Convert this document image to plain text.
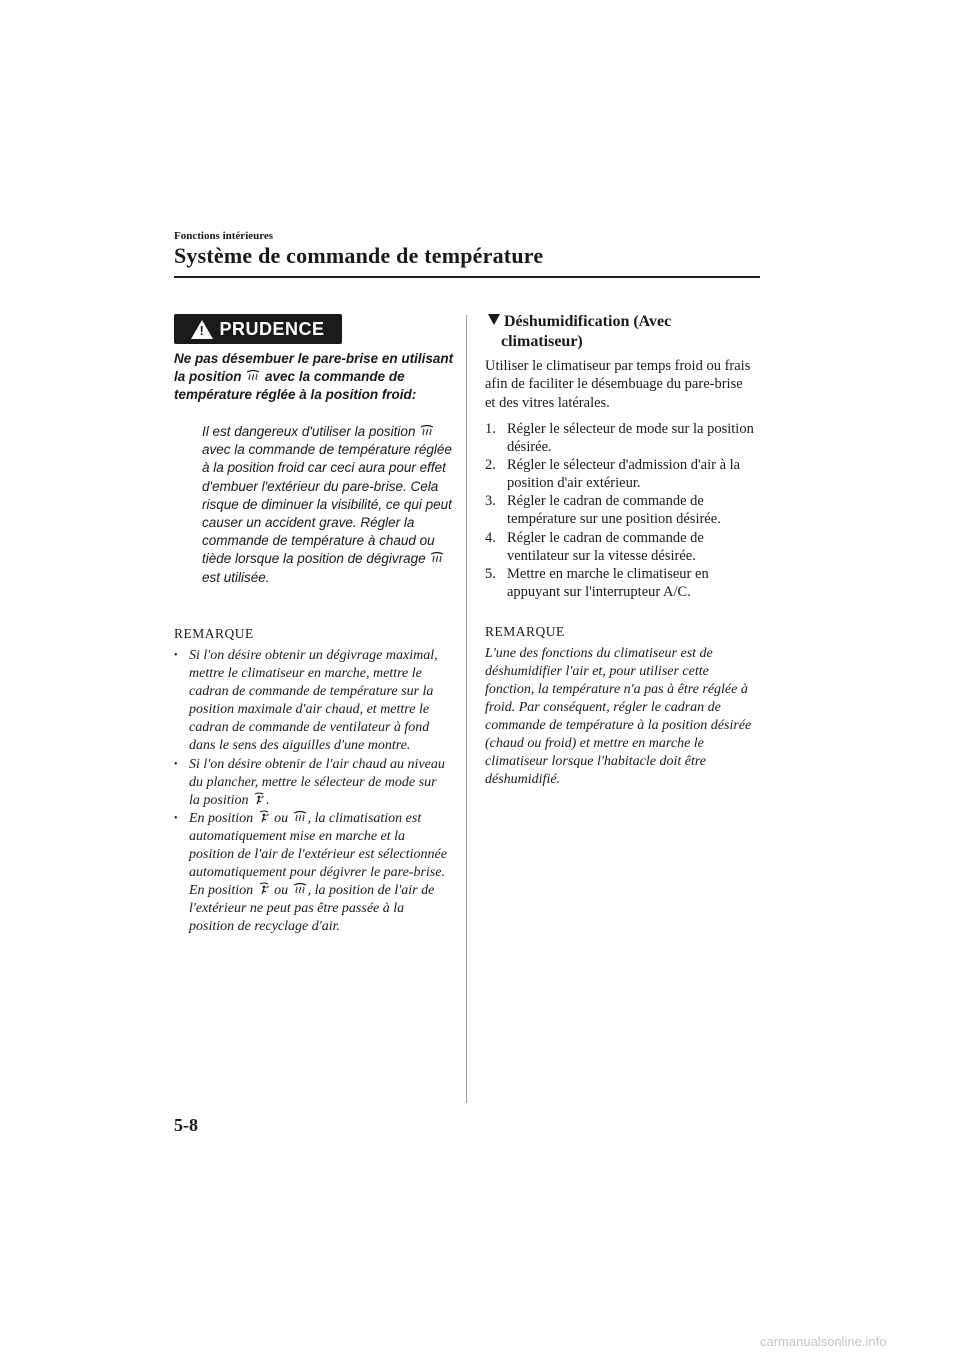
Fonctions intérieures
Système de commande de température
! PRUDENCE
Ne pas désembuer le pare-brise en utilisant la position avec la commande de température réglée à la position froid:
Il est dangereux d'utiliser la position  avec la commande de température réglée à la position froid car ceci aura pour effet d'embuer l'extérieur du pare-brise. Cela risque de diminuer la visibilité, ce qui peut causer un accident grave. Régler la commande de température à chaud ou tiède lorsque la position de dégivrage  est utilisée.
REMARQUE
• Si l'on désire obtenir un dégivrage maximal, mettre le climatiseur en marche, mettre le cadran de commande de température sur la position maximale d'air chaud, et mettre le cadran de commande de ventilateur à fond dans le sens des aiguilles d'une montre.
• Si l'on désire obtenir de l'air chaud au niveau du plancher, mettre le sélecteur de mode sur la position .
• En position ou , la climatisation est automatiquement mise en marche et la position de l'air de l'extérieur est sélectionnée automatiquement pour dégivrer le pare-brise. En position ou , la position de l'air de l'extérieur ne peut pas être passée à la position de recyclage d'air.
Déshumidification (Avec
climatiseur)
Utiliser le climatiseur par temps froid ou frais afin de faciliter le désembuage du pare-brise et des vitres latérales.
1. Régler le sélecteur de mode sur la position désirée.
2. Régler le sélecteur d'admission d'air à la position d'air extérieur.
3. Régler le cadran de commande de température sur une position désirée.
4. Régler le cadran de commande de ventilateur sur la vitesse désirée.
5. Mettre en marche le climatiseur en appuyant sur l'interrupteur A/C.
REMARQUE
L'une des fonctions du climatiseur est de déshumidifier l'air et, pour utiliser cette fonction, la température n'a pas à être réglée à froid. Par conséquent, régler le cadran de commande de température à la position désirée (chaud ou froid) et mettre en marche le climatiseur lorsque l'habitacle doit être déshumidifié.
5-8
carmanualsonline.info
